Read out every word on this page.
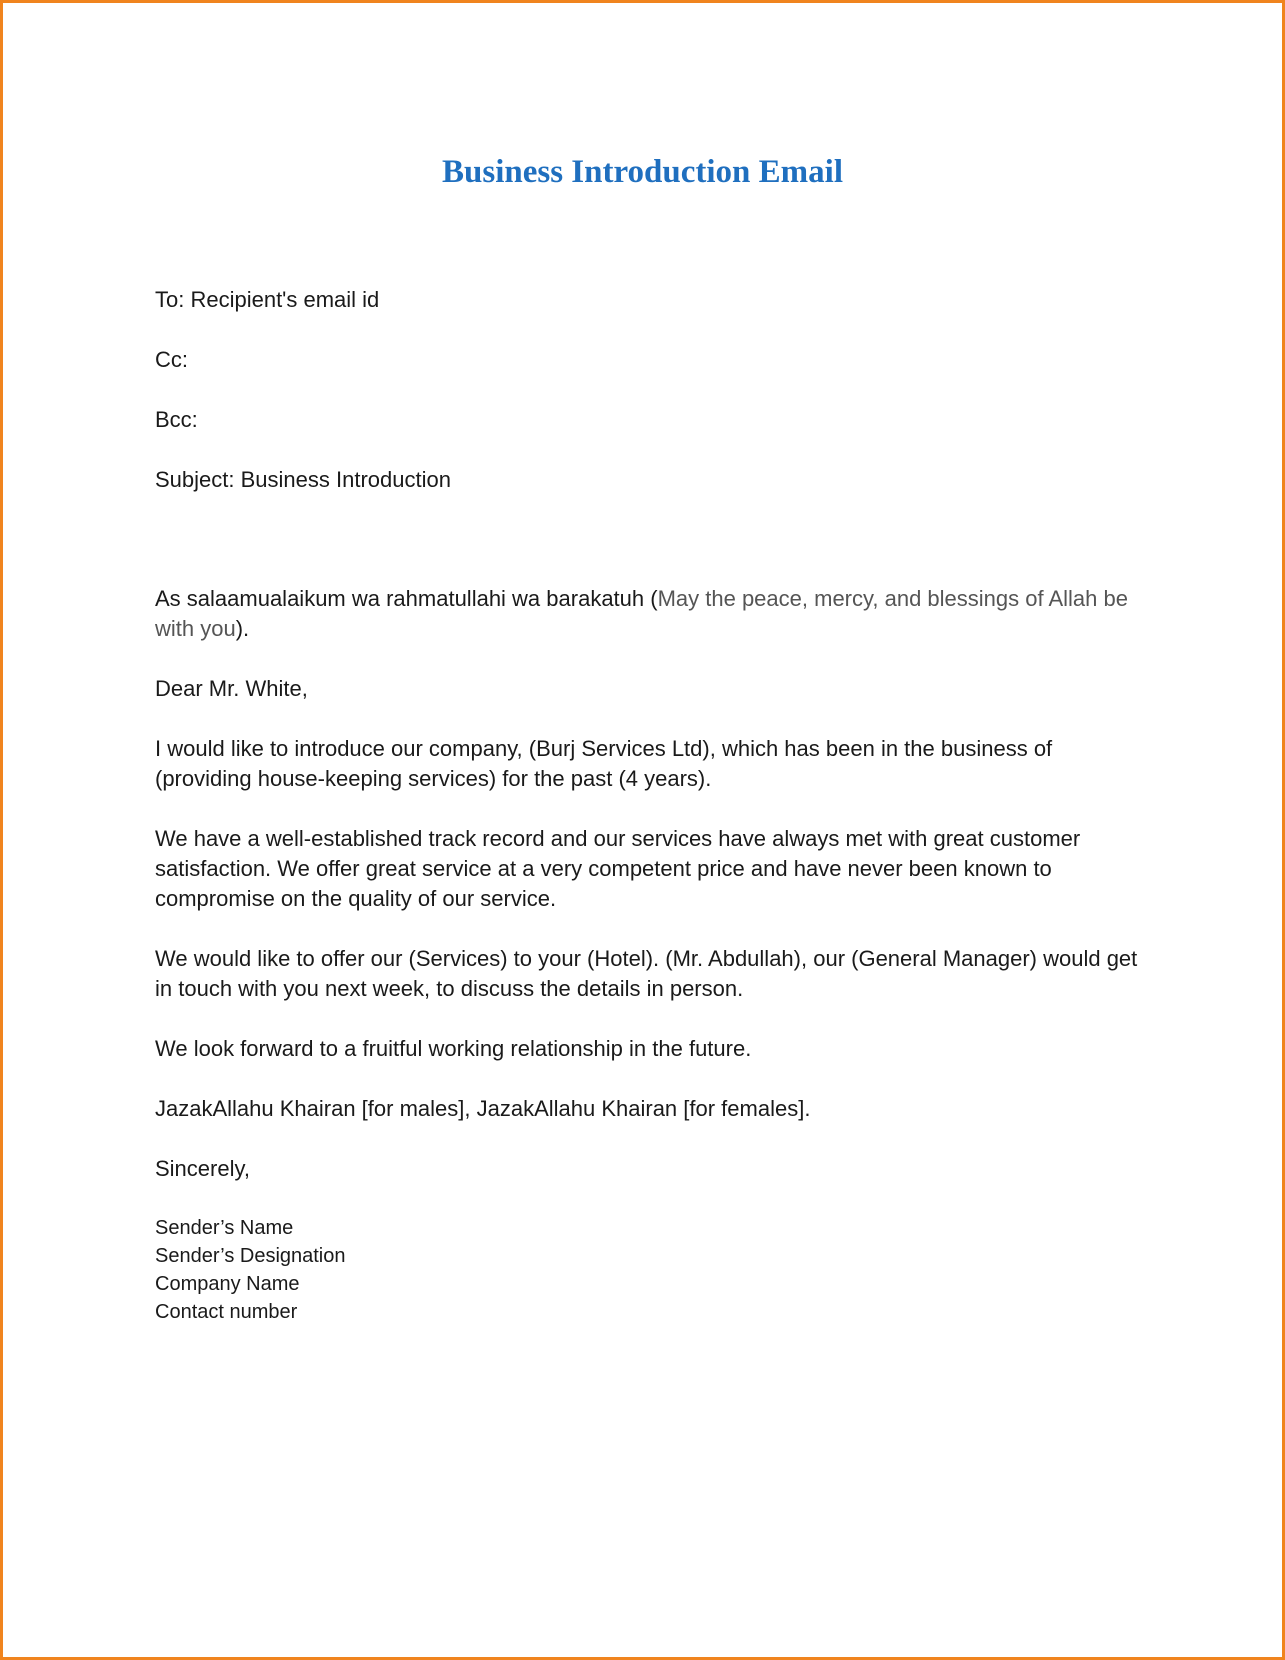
Business Introduction Email

To: Recipient's email id

Cc:

Bcc:

Subject: Business Introduction

As salaamualaikum wa rahmatullahi wa barakatuh (May the peace, mercy, and blessings of Allah be with you).

Dear Mr. White,

I would like to introduce our company, (Burj Services Ltd), which has been in the business of (providing house-keeping services) for the past (4 years).

We have a well-established track record and our services have always met with great customer satisfaction. We offer great service at a very competent price and have never been known to compromise on the quality of our service.

We would like to offer our (Services) to your (Hotel). (Mr. Abdullah), our (General Manager) would get in touch with you next week, to discuss the details in person.

We look forward to a fruitful working relationship in the future.

JazakAllahu Khairan [for males], JazakAllahu Khairan [for females].

Sincerely,

Sender’s Name
Sender’s Designation
Company Name
Contact number
